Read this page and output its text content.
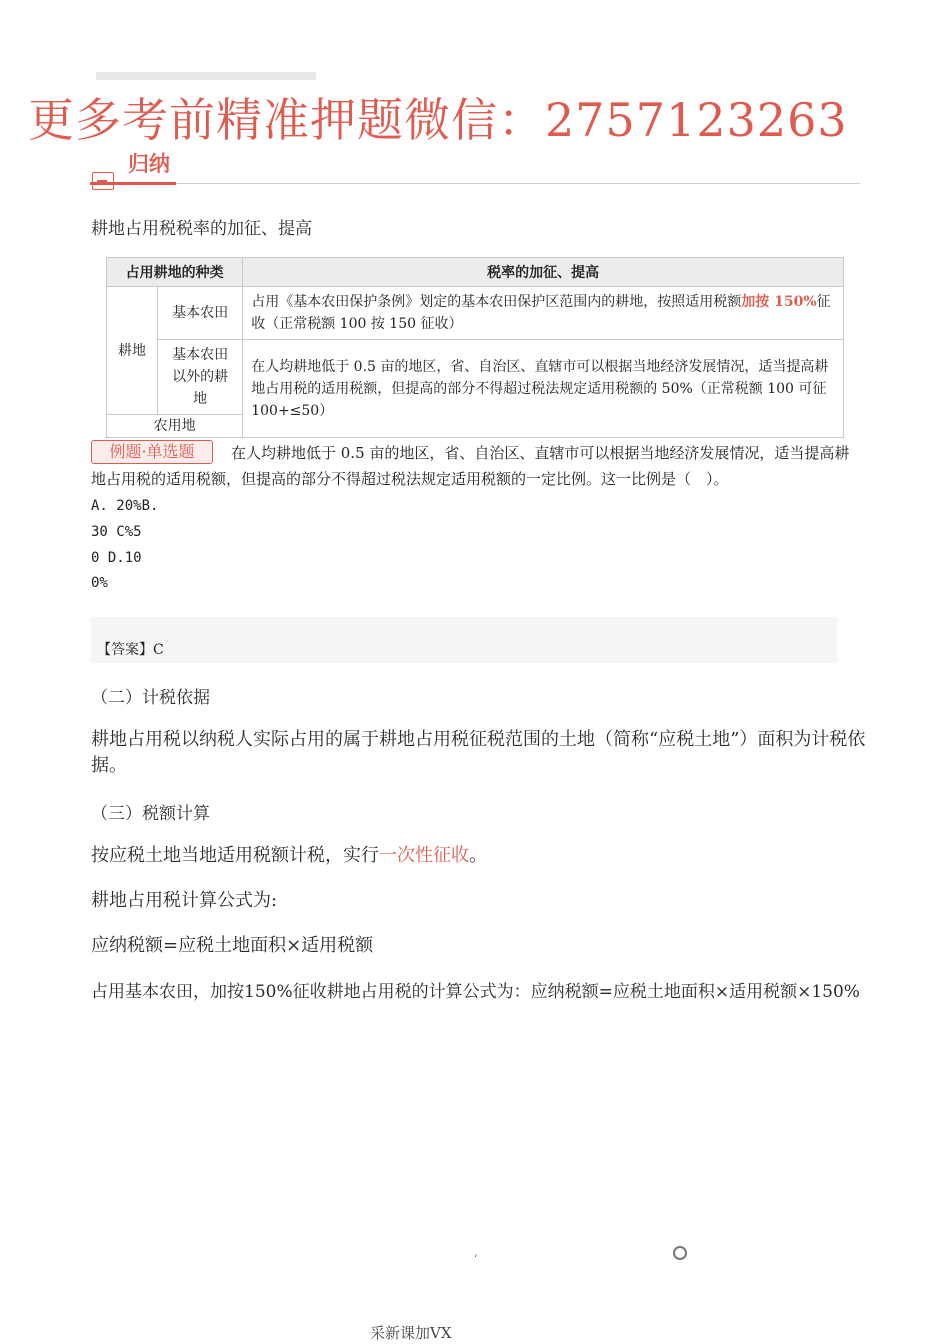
更多考前精准押题微信：2757123263
归纳
耕地占用税税率的加征、提高
占用耕地的种类		税率的加征、提高
耕地	基本农田	占用《基本农田保护条例》划定的基本农田保护区范围内的耕地，按照适用税额加按 150%征收（正常税额 100 按 150 征收）
	基本农田以外的耕地	在人均耕地低于 0.5 亩的地区，省、自治区、直辖市可以根据当地经济发展情况，适当提高耕地占用税的适用税额，但提高的部分不得超过税法规定适用税额的 50%（正常税额 100 可征 100+≤50）
农用地		
在人均耕地低于 0.5 亩的地区，省、自治区、直辖市可以根据当地经济发展情况，适当提高耕地占用税的适用税额，但提高的部分不得超过税法规定适用税额的一定比例。这一比例是（　）。
例题·单选题
A. 20%B.
30 C%5
0 D.10
0%
【答案】C
（二）计税依据
耕地占用税以纳税人实际占用的属于耕地占用税征税范围的土地（简称“应税土地”）面积为计税依据。
（三）税额计算
按应税土地当地适用税额计税，实行一次性征收。
耕地占用税计算公式为:
应纳税额=应税土地面积×适用税额
占用基本农田，加按150%征收耕地占用税的计算公式为：应纳税额=应税土地面积×适用税额×150%
‘
采新课加VX
